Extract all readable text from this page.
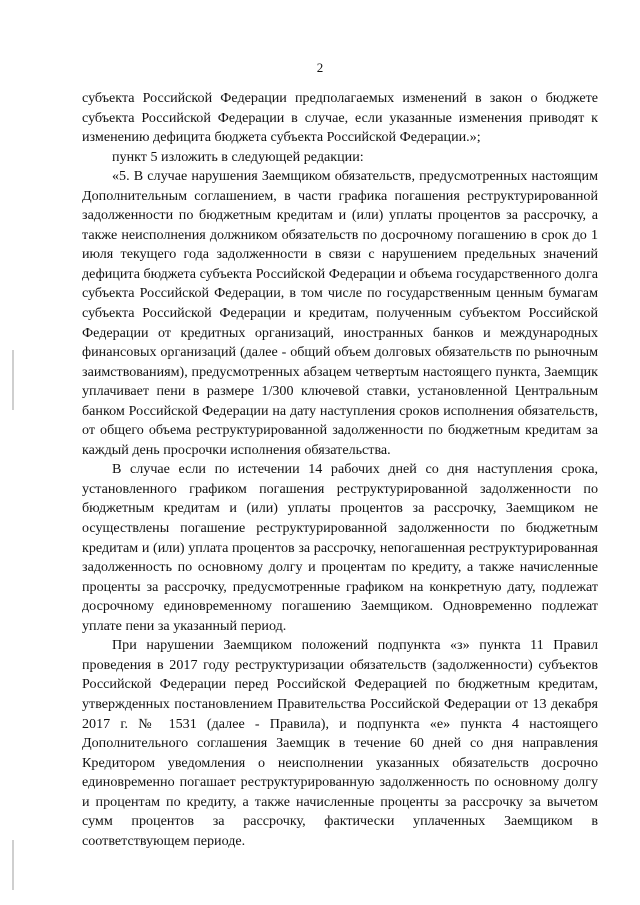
2

субъекта Российской Федерации предполагаемых изменений в закон о бюджете субъекта Российской Федерации в случае, если указанные изменения приводят к изменению дефицита бюджета субъекта Российской Федерации.»;

пункт 5 изложить в следующей редакции:

«5. В случае нарушения Заемщиком обязательств, предусмотренных настоящим Дополнительным соглашением, в части графика погашения реструктурированной задолженности по бюджетным кредитам и (или) уплаты процентов за рассрочку, а также неисполнения должником обязательств по досрочному погашению в срок до 1 июля текущего года задолженности в связи с нарушением предельных значений дефицита бюджета субъекта Российской Федерации и объема государственного долга субъекта Российской Федерации, в том числе по государственным ценным бумагам субъекта Российской Федерации и кредитам, полученным субъектом Российской Федерации от кредитных организаций, иностранных банков и международных финансовых организаций (далее - общий объем долговых обязательств по рыночным заимствованиям), предусмотренных абзацем четвертым настоящего пункта, Заемщик уплачивает пени в размере 1/300 ключевой ставки, установленной Центральным банком Российской Федерации на дату наступления сроков исполнения обязательств, от общего объема реструктурированной задолженности по бюджетным кредитам за каждый день просрочки исполнения обязательства.

В случае если по истечении 14 рабочих дней со дня наступления срока, установленного графиком погашения реструктурированной задолженности по бюджетным кредитам и (или) уплаты процентов за рассрочку, Заемщиком не осуществлены погашение реструктурированной задолженности по бюджетным кредитам и (или) уплата процентов за рассрочку, непогашенная реструктурированная задолженность по основному долгу и процентам по кредиту, а также начисленные проценты за рассрочку, предусмотренные графиком на конкретную дату, подлежат досрочному единовременному погашению Заемщиком. Одновременно подлежат уплате пени за указанный период.

При нарушении Заемщиком положений подпункта «з» пункта 11 Правил проведения в 2017 году реструктуризации обязательств (задолженности) субъектов Российской Федерации перед Российской Федерацией по бюджетным кредитам, утвержденных постановлением Правительства Российской Федерации от 13 декабря 2017 г. № 1531 (далее - Правила), и подпункта «е» пункта 4 настоящего Дополнительного соглашения Заемщик в течение 60 дней со дня направления Кредитором уведомления о неисполнении указанных обязательств досрочно единовременно погашает реструктурированную задолженность по основному долгу и процентам по кредиту, а также начисленные проценты за рассрочку за вычетом сумм процентов за рассрочку, фактически уплаченных Заемщиком в соответствующем периоде.
